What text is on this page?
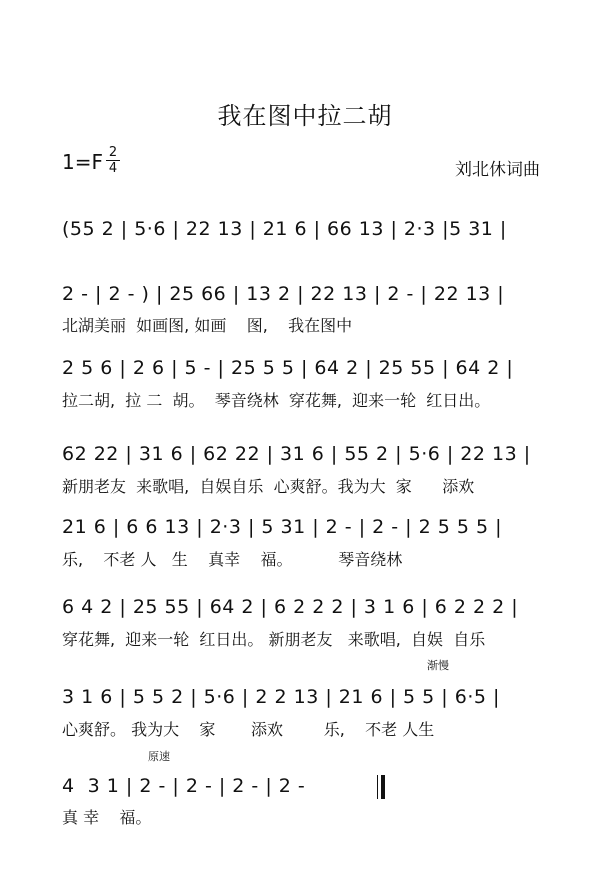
我在图中拉二胡
1=F 2
4	刘北休词曲
(55 2 | 5·6 | 22 13 | 21 6 | 66 13 | 2·3 |5 31 |
2 - | 2 - ) | 25 66 | 13 2 | 22 13 | 2 - | 22 13 |
北湖美丽  如画图, 如画    图,    我在图中
2 5 6 | 2 6 | 5 - | 25 5 5 | 64 2 | 25 55 | 64 2 |
拉二胡,  拉 二  胡。  琴音绕林  穿花舞,  迎来一轮  红日出。
62 22 | 31 6 | 62 22 | 31 6 | 55 2 | 5·6 | 22 13 |
新朋老友  来歌唱,  自娱自乐  心爽舒。我为大  家      添欢
21 6 | 6 6 13 | 2·3 | 5 31 | 2 - | 2 - | 2 5 5 5 |
乐,    不老 人   生    真幸    福。         琴音绕林
6 4 2 | 25 55 | 64 2 | 6 2 2 2 | 3 1 6 | 6 2 2 2 |
穿花舞,  迎来一轮  红日出。 新朋老友   来歌唱,  自娱  自乐
渐慢
3 1 6 | 5 5 2 | 5·6 | 2 2 13 | 21 6 | 5 5 | 6·5 |
心爽舒。 我为大    家       添欢        乐,    不老 人生
原速
4  3 1 | 2 - | 2 - | 2 - | 2 -
真 幸    福。
